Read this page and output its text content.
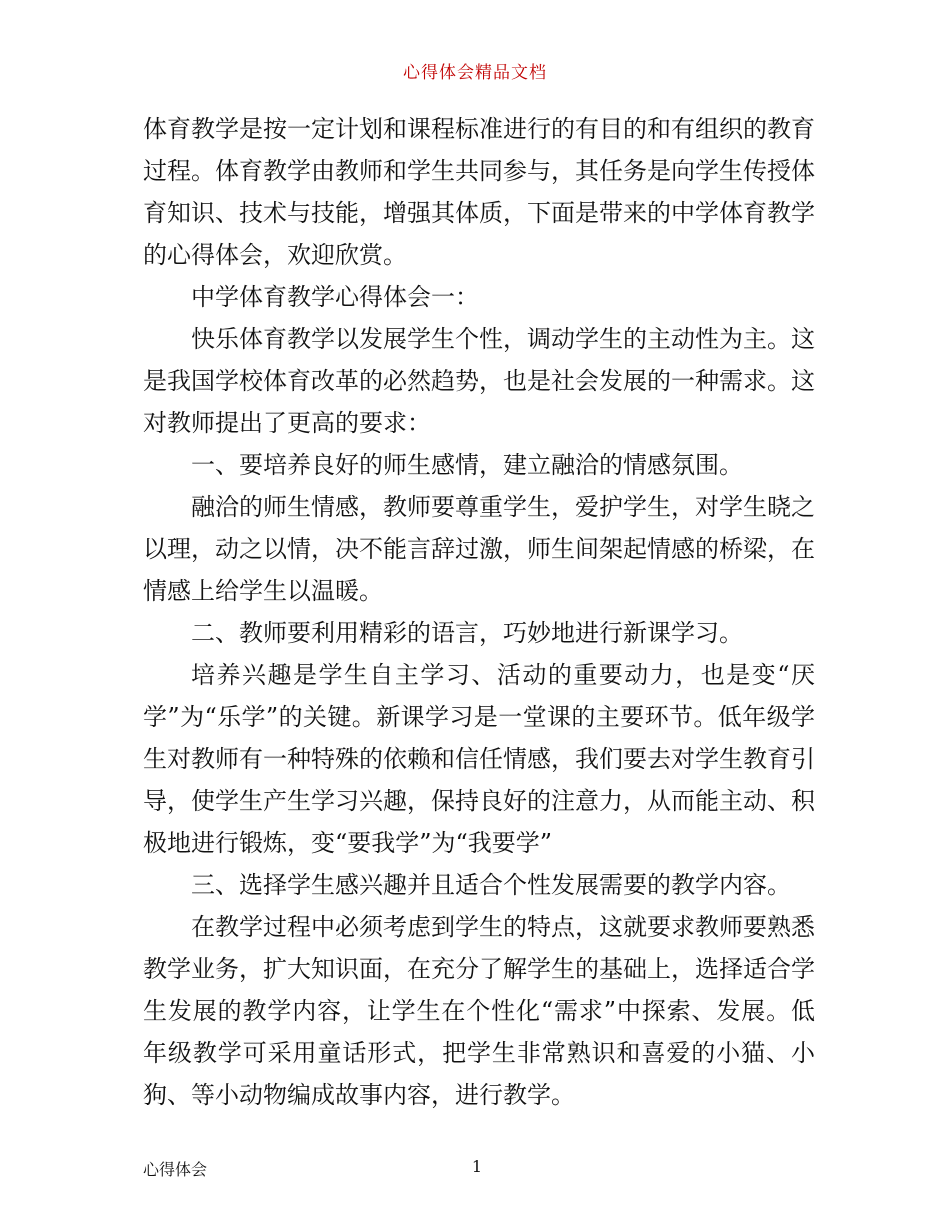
心得体会精品文档

体育教学是按一定计划和课程标准进行的有目的和有组织的教育过程。体育教学由教师和学生共同参与，其任务是向学生传授体育知识、技术与技能，增强其体质，下面是带来的中学体育教学的心得体会，欢迎欣赏。

中学体育教学心得体会一：

快乐体育教学以发展学生个性，调动学生的主动性为主。这是我国学校体育改革的必然趋势，也是社会发展的一种需求。这对教师提出了更高的要求：

一、要培养良好的师生感情，建立融洽的情感氛围。

融洽的师生情感，教师要尊重学生，爱护学生，对学生晓之以理，动之以情，决不能言辞过激，师生间架起情感的桥梁，在情感上给学生以温暖。

二、教师要利用精彩的语言，巧妙地进行新课学习。

培养兴趣是学生自主学习、活动的重要动力，也是变“厌学”为“乐学”的关键。新课学习是一堂课的主要环节。低年级学生对教师有一种特殊的依赖和信任情感，我们要去对学生教育引导，使学生产生学习兴趣，保持良好的注意力，从而能主动、积极地进行锻炼，变“要我学”为“我要学”

三、选择学生感兴趣并且适合个性发展需要的教学内容。

在教学过程中必须考虑到学生的特点，这就要求教师要熟悉教学业务，扩大知识面，在充分了解学生的基础上，选择适合学生发展的教学内容，让学生在个性化“需求”中探索、发展。低年级教学可采用童话形式，把学生非常熟识和喜爱的小猫、小狗、等小动物编成故事内容，进行教学。

心得体会	1
